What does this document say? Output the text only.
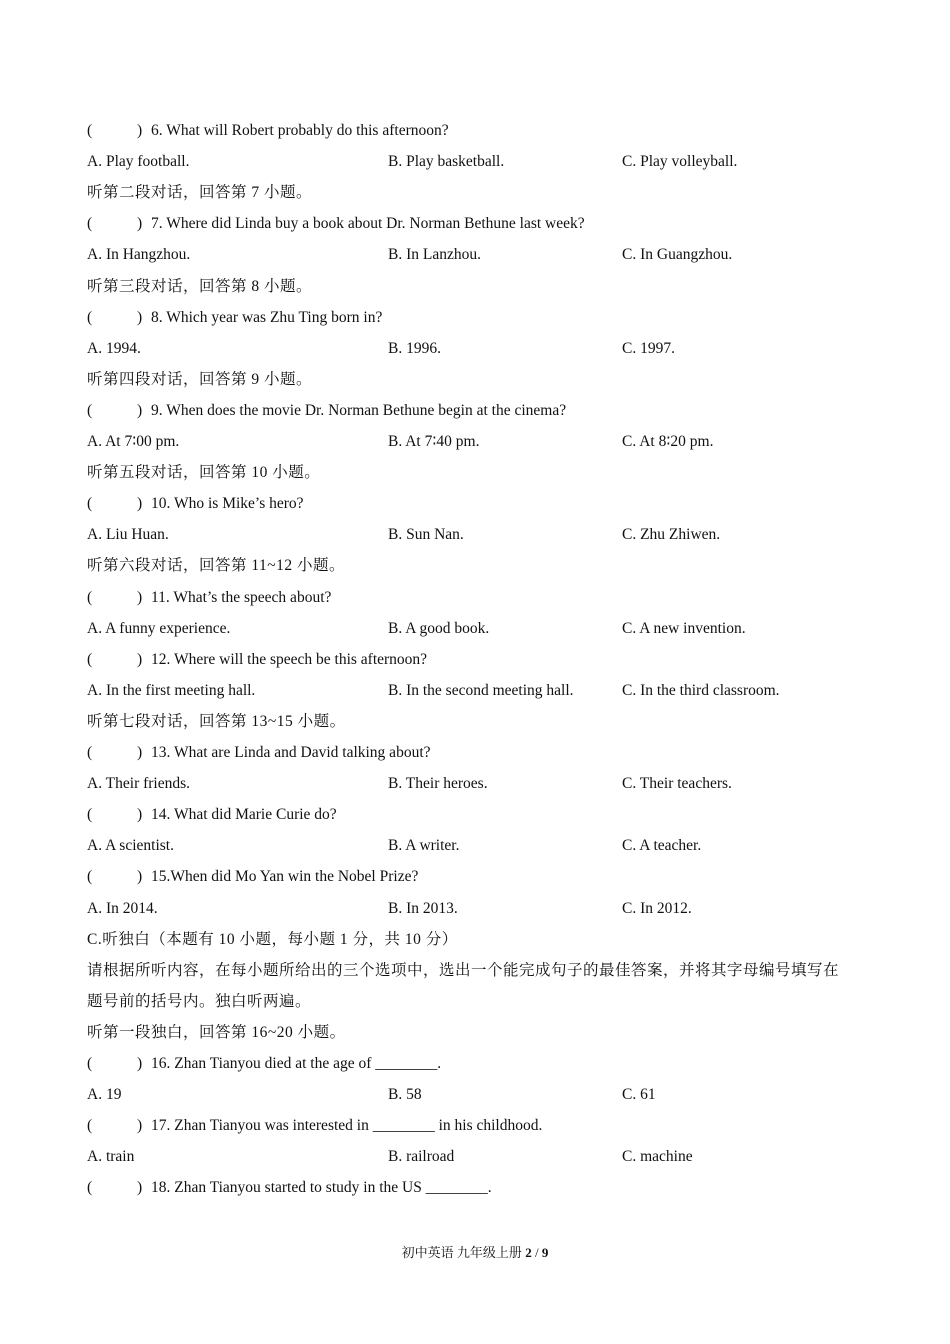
(	) 6. What will Robert probably do this afternoon?
A. Play football.	B. Play basketball.	C. Play volleyball.
听第二段对话，回答第 7 小题。
(	) 7. Where did Linda buy a book about Dr. Norman Bethune last week?
A. In Hangzhou.	B. In Lanzhou.	C. In Guangzhou.
听第三段对话，回答第 8 小题。
(	) 8. Which year was Zhu Ting born in?
A. 1994.	B. 1996.	C. 1997.
听第四段对话，回答第 9 小题。
(	) 9. When does the movie Dr. Norman Bethune begin at the cinema?
A. At 7∶00 pm.	B. At 7∶40 pm.	C. At 8∶20 pm.
听第五段对话，回答第 10 小题。
(	) 10. Who is Mike’s hero?
A. Liu Huan.	B. Sun Nan.	C. Zhu Zhiwen.
听第六段对话，回答第 11~12 小题。
(	) 11. What’s the speech about?
A. A funny experience.	B. A good book.	C. A new invention.
(	) 12. Where will the speech be this afternoon?
A. In the first meeting hall.	B. In the second meeting hall.	C. In the third classroom.
听第七段对话，回答第 13~15 小题。
(	) 13. What are Linda and David talking about?
A. Their friends.	B. Their heroes.	C. Their teachers.
(	) 14. What did Marie Curie do?
A. A scientist.	B. A writer.	C. A teacher.
(	) 15.When did Mo Yan win the Nobel Prize?
A. In 2014.	B. In 2013.	C. In 2012.
C.听独白（本题有 10 小题，每小题 1 分，共 10 分）
请根据所听内容，在每小题所给出的三个选项中，选出一个能完成句子的最佳答案，并将其字母编号填写在
题号前的括号内。独白听两遍。
听第一段独白，回答第 16~20 小题。
(	) 16. Zhan Tianyou died at the age of ________.
A. 19	B. 58	C. 61
(	) 17. Zhan Tianyou was interested in ________ in his childhood.
A. train	B. railroad	C. machine
(	) 18. Zhan Tianyou started to study in the US ________.
初中英语 九年级上册 2 / 9
